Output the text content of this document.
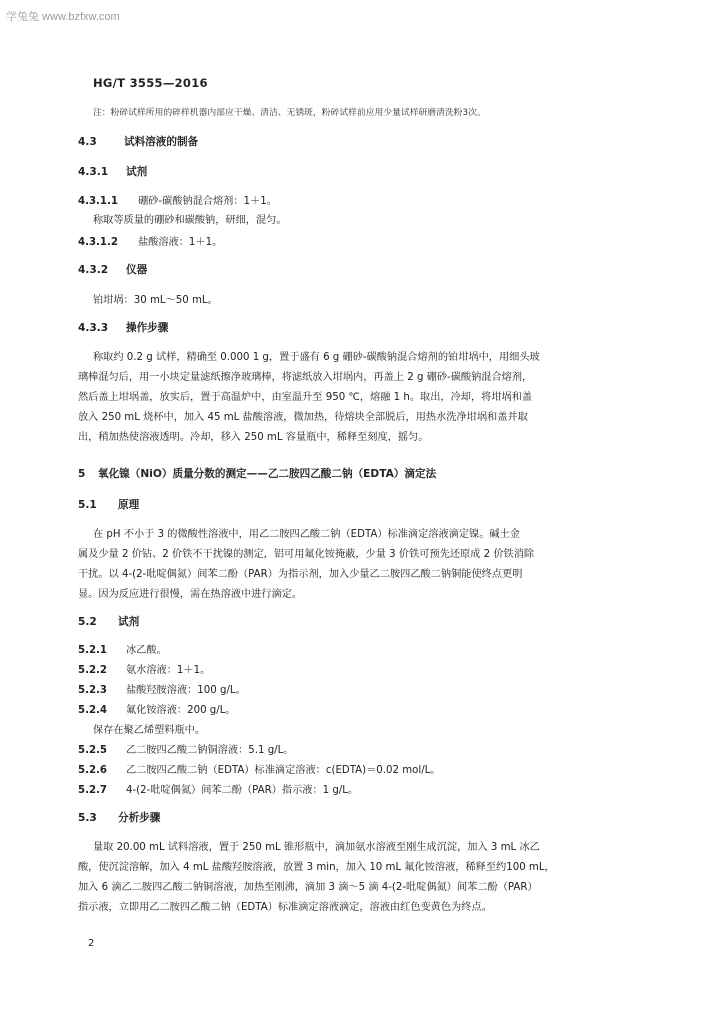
学兔兔 www.bzfxw.com
HG/T 3555—2016
注：粉碎试样所用的碎样机器内部应干燥、清洁、无锈斑，粉碎试样前应用少量试样研磨清洗粉3次。
4.3	试料溶液的制备
4.3.1 试剂
4.3.1.1 硼砂-碳酸钠混合熔剂：1＋1。
称取等质量的硼砂和碳酸钠，研细，混匀。
4.3.1.2 盐酸溶液：1＋1。
4.3.2 仪器
铂坩埚：30 mL～50 mL。
4.3.3 操作步骤
称取约 0.2 g 试样，精确至 0.000 1 g，置于盛有 6 g 硼砂-碳酸钠混合熔剂的铂坩埚中，用细头玻
璃棒混匀后，用一小块定量滤纸擦净玻璃棒，将滤纸放入坩埚内，再盖上 2 g 硼砂-碳酸钠混合熔剂，
然后盖上坩埚盖，放实后，置于高温炉中，由室温升至 950 ℃，熔融 1 h。取出，冷却，将坩埚和盖
放入 250 mL 烧杯中，加入 45 mL 盐酸溶液，微加热，待熔块全部脱后，用热水洗净坩埚和盖并取
出，稍加热使溶液透明。冷却，移入 250 mL 容量瓶中，稀释至刻度，摇匀。
5 氧化镍（NiO）质量分数的测定——乙二胺四乙酸二钠（EDTA）滴定法
5.1 原理
在 pH 不小于 3 的微酸性溶液中，用乙二胺四乙酸二钠（EDTA）标准滴定溶液滴定镍。碱土金
属及少量 2 价钴、2 价铁不干扰镍的测定，铝可用氟化铵掩蔽，少量 3 价铁可预先还原成 2 价铁消除
干扰。以 4-(2-吡啶偶氮）间苯二酚（PAR）为指示剂，加入少量乙二胺四乙酸二钠铜能使终点更明
显。因为反应进行很慢，需在热溶液中进行滴定。
5.2 试剂
5.2.1 冰乙酸。
5.2.2 氨水溶液：1＋1。
5.2.3 盐酸羟胺溶液：100 g/L。
5.2.4 氟化铵溶液：200 g/L。
保存在聚乙烯塑料瓶中。
5.2.5 乙二胺四乙酸二钠铜溶液：5.1 g/L。
5.2.6 乙二胺四乙酸二钠（EDTA）标准滴定溶液：c(EDTA)＝0.02 mol/L。
5.2.7 4-(2-吡啶偶氮）间苯二酚（PAR）指示液：1 g/L。
5.3 分析步骤
量取 20.00 mL 试料溶液，置于 250 mL 锥形瓶中，滴加氨水溶液至刚生成沉淀，加入 3 mL 冰乙
酸，使沉淀溶解，加入 4 mL 盐酸羟胺溶液，放置 3 min，加入 10 mL 氟化铵溶液，稀释至约100 mL，
加入 6 滴乙二胺四乙酸二钠铜溶液，加热至刚沸，滴加 3 滴～5 滴 4-(2-吡啶偶氮）间苯二酚（PAR）
指示液，立即用乙二胺四乙酸二钠（EDTA）标准滴定溶液滴定，溶液由红色变黄色为终点。
2
